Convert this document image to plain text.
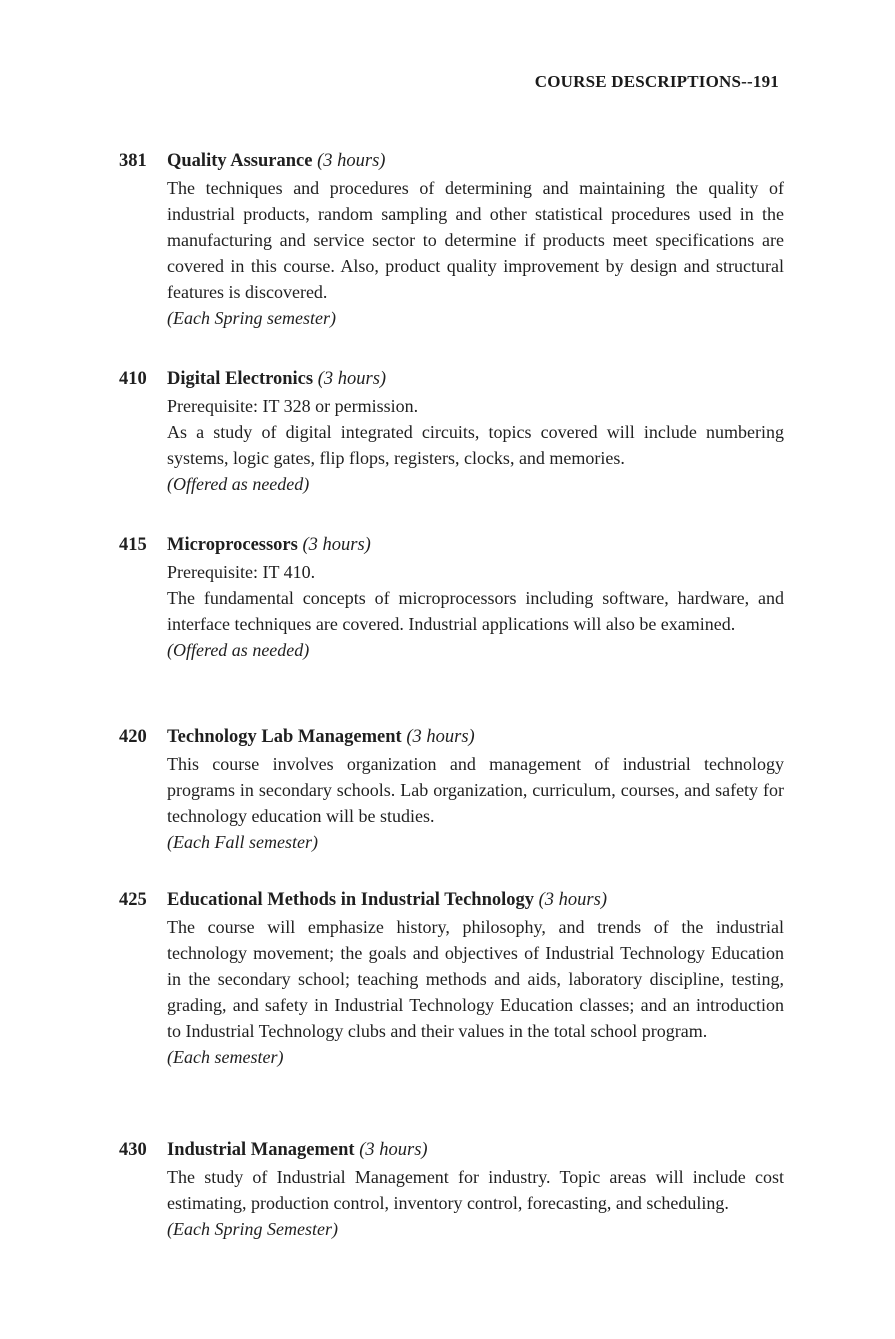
COURSE DESCRIPTIONS--191
381 Quality Assurance (3 hours)

The techniques and procedures of determining and maintaining the quality of industrial products, random sampling and other statistical procedures used in the manufacturing and service sector to determine if products meet specifications are covered in this course. Also, product quality improvement by design and structural features is discovered.

(Each Spring semester)

410 Digital Electronics (3 hours)

Prerequisite: IT 328 or permission.

As a study of digital integrated circuits, topics covered will include numbering systems, logic gates, flip flops, registers, clocks, and memories.

(Offered as needed)

415 Microprocessors (3 hours)

Prerequisite: IT 410.

The fundamental concepts of microprocessors including software, hardware, and interface techniques are covered. Industrial applications will also be examined.

(Offered as needed)

420 Technology Lab Management (3 hours)

This course involves organization and management of industrial technology programs in secondary schools. Lab organization, curriculum, courses, and safety for technology education will be studies.

(Each Fall semester)

425 Educational Methods in Industrial Technology (3 hours)

The course will emphasize history, philosophy, and trends of the industrial technology movement; the goals and objectives of Industrial Technology Education in the secondary school; teaching methods and aids, laboratory discipline, testing, grading, and safety in Industrial Technology Education classes; and an introduction to Industrial Technology clubs and their values in the total school program.

(Each semester)

430 Industrial Management (3 hours)

The study of Industrial Management for industry. Topic areas will include cost estimating, production control, inventory control, forecasting, and scheduling.

(Each Spring Semester)
